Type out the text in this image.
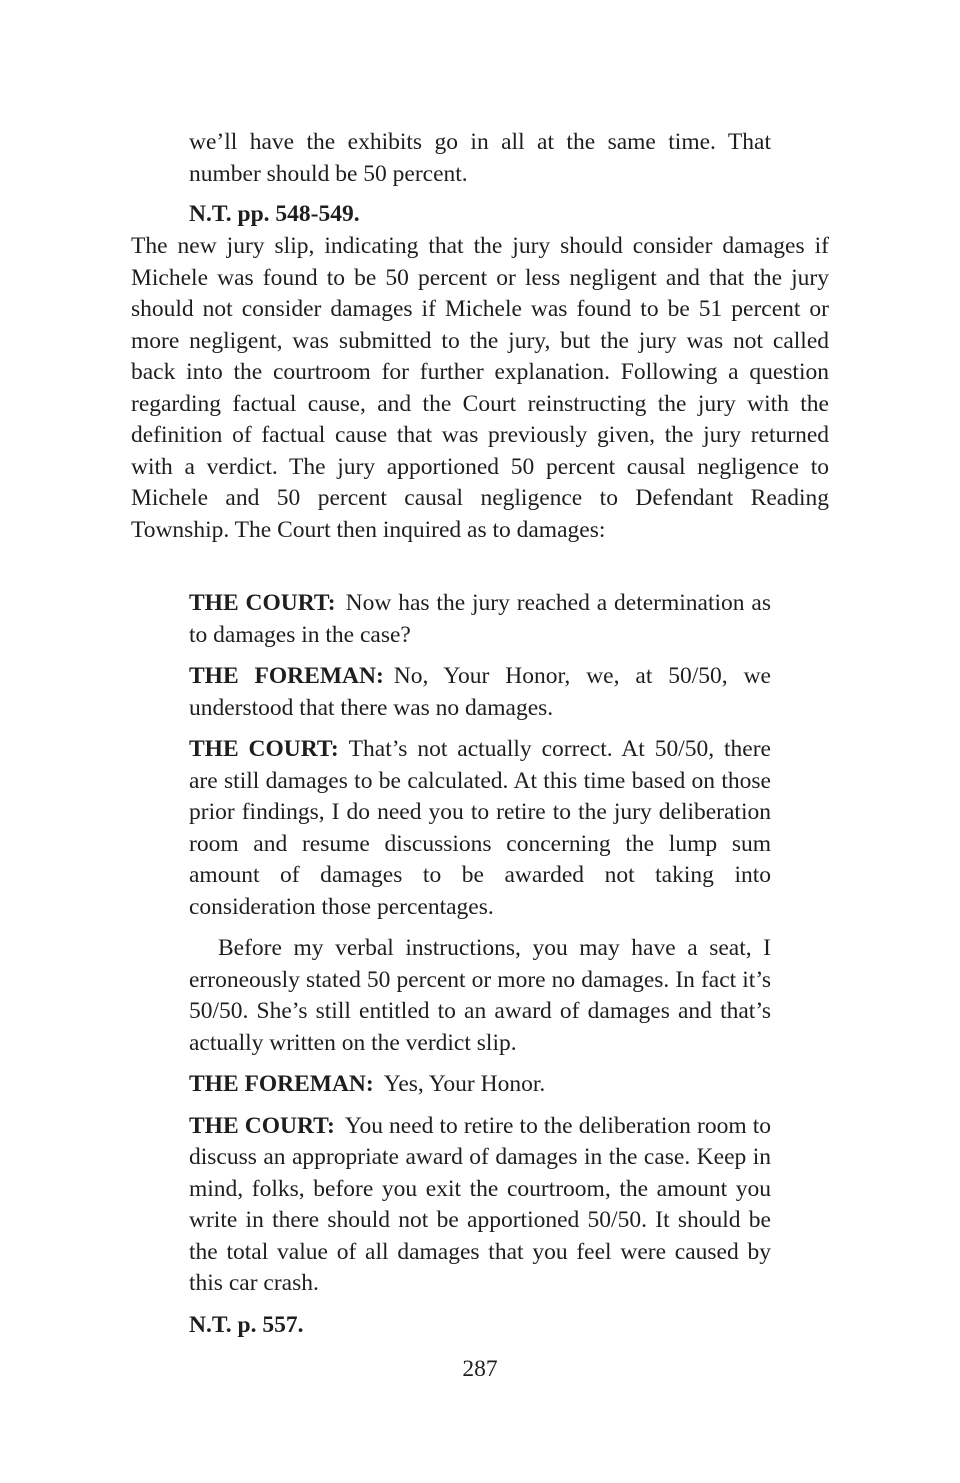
we’ll have the exhibits go in all at the same time. That number should be 50 percent.

N.T. pp. 548-549.

The new jury slip, indicating that the jury should consider damages if Michele was found to be 50 percent or less negligent and that the jury should not consider damages if Michele was found to be 51 percent or more negligent, was submitted to the jury, but the jury was not called back into the courtroom for further explanation. Following a question regarding factual cause, and the Court reinstructing the jury with the definition of factual cause that was previously given, the jury returned with a verdict. The jury apportioned 50 percent causal negligence to Michele and 50 percent causal negligence to Defendant Reading Township. The Court then inquired as to damages:

THE COURT: Now has the jury reached a determination as to damages in the case?

THE FOREMAN: No, Your Honor, we, at 50/50, we understood that there was no damages.

THE COURT: That’s not actually correct. At 50/50, there are still damages to be calculated. At this time based on those prior findings, I do need you to retire to the jury deliberation room and resume discussions concerning the lump sum amount of damages to be awarded not taking into consideration those percentages.

Before my verbal instructions, you may have a seat, I erroneously stated 50 percent or more no damages. In fact it’s 50/50. She’s still entitled to an award of damages and that’s actually written on the verdict slip.

THE FOREMAN: Yes, Your Honor.

THE COURT: You need to retire to the deliberation room to discuss an appropriate award of damages in the case. Keep in mind, folks, before you exit the courtroom, the amount you write in there should not be apportioned 50/50. It should be the total value of all damages that you feel were caused by this car crash.

N.T. p. 557.

287
